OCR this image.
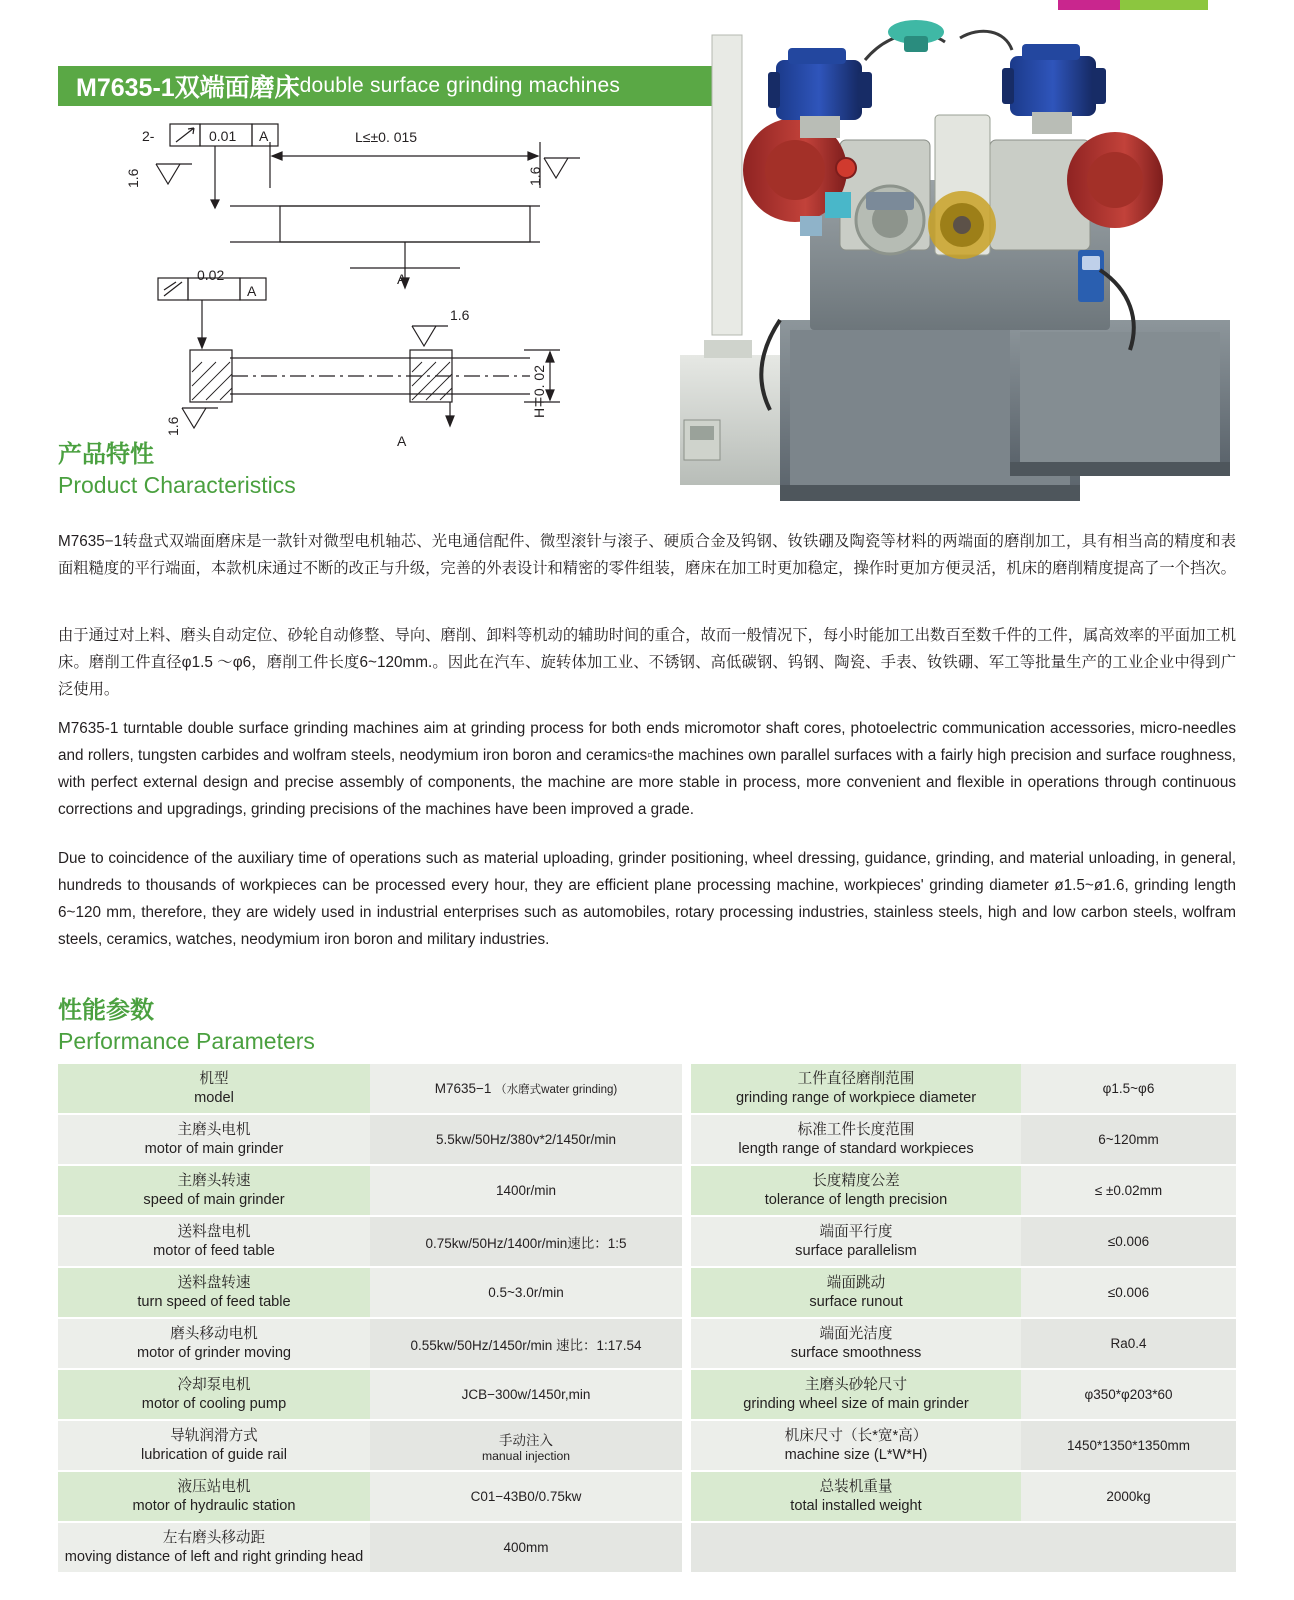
M7635-1双端面磨床 double surface grinding machines
2-	0.01 A	L≤±0. 015
0.02
A
A
A
1.6
1.6	1.6
1.6
H∓0. 02
产品特性
Product Characteristics
M7635−1转盘式双端面磨床是一款针对微型电机轴芯、光电通信配件、微型滚针与滚子、硬质合金及钨钢、钕铁硼及陶瓷等材料的两端面的磨削加工，具有相当高的精度和表面粗糙度的平行端面，本款机床通过不断的改正与升级，完善的外表设计和精密的零件组装，磨床在加工时更加稳定，操作时更加方便灵活，机床的磨削精度提高了一个挡次。
由于通过对上料、磨头自动定位、砂轮自动修整、导向、磨削、卸料等机动的辅助时间的重合，故而一般情况下，每小时能加工出数百至数千件的工件，属高效率的平面加工机床。磨削工件直径φ1.5 ～φ6，磨削工件长度6~120mm.。因此在汽车、旋转体加工业、不锈钢、高低碳钢、钨钢、陶瓷、手表、钕铁硼、军工等批量生产的工业企业中得到广泛使用。
M7635-1 turntable double surface grinding machines aim at grinding process for both ends micromotor shaft cores, photoelectric communication accessories, micro-needles and rollers, tungsten carbides and wolfram steels, neodymium iron boron and ceramics▫the machines own parallel surfaces with a fairly high precision and surface roughness, with perfect external design and precise assembly of components, the machine are more stable in process, more convenient and flexible in operations through continuous corrections and upgradings, grinding precisions of the machines have been improved a grade.
Due to coincidence of the auxiliary time of operations such as material uploading, grinder positioning, wheel dressing, guidance, grinding, and material unloading, in general, hundreds to thousands of workpieces can be processed every hour, they are efficient plane processing machine, workpieces' grinding diameter ø1.5~ø1.6, grinding length 6~120 mm, therefore, they are widely used in industrial enterprises such as automobiles, rotary processing industries, stainless steels, high and low carbon steels, wolfram steels, ceramics, watches, neodymium iron boron and military industries.
性能参数
Performance Parameters
机型
model	M7635−1 （水磨式water grinding)

主磨头电机
motor of main grinder	5.5kw/50Hz/380v*2/1450r/min

主磨头转速
speed of main grinder	1400r/min

送料盘电机
motor of feed table	0.75kw/50Hz/1400r/min速比：1:5

送料盘转速
turn speed of feed table	0.5~3.0r/min

磨头移动电机
motor of grinder moving	0.55kw/50Hz/1450r/min 速比：1:17.54

冷却泵电机
motor of cooling pump	JCB−300w/1450r,min

导轨润滑方式
lubrication of guide rail	手动注入
manual injection

液压站电机
motor of hydraulic station	C01−43B0/0.75kw

左右磨头移动距
moving distance of left and right grinding head	400mm
工件直径磨削范围
grinding range of workpiece diameter	φ1.5~φ6

标准工件长度范围
length range of standard workpieces	6~120mm

长度精度公差
tolerance of length precision	≤ ±0.02mm

端面平行度
surface parallelism	≤0.006

端面跳动
surface runout	≤0.006

端面光洁度
surface smoothness	Ra0.4

主磨头砂轮尺寸
grinding wheel size of main grinder	φ350*φ203*60

机床尺寸（长*宽*高）
machine size (L*W*H)	1450*1350*1350mm

总装机重量
total installed weight	2000kg
